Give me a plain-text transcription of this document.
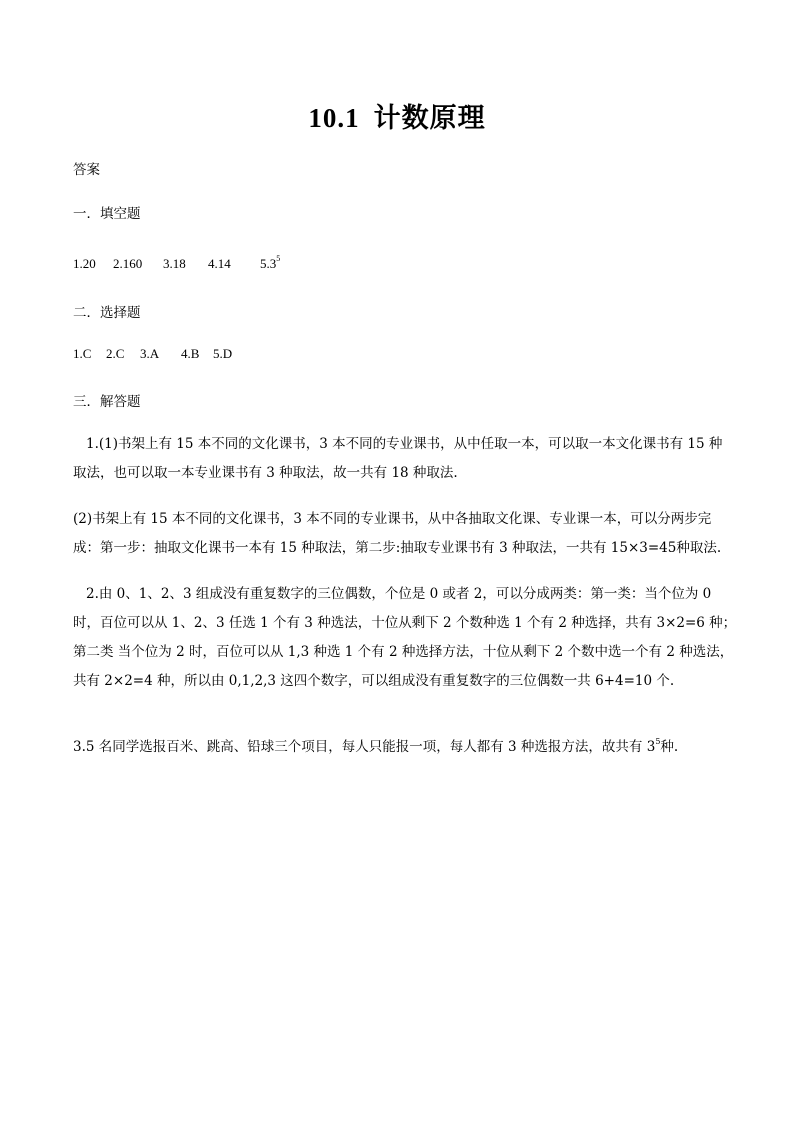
10.1 计数原理
答案
一．填空题
1.20 2.160 3.18 4.14 $5.3^5$
二．选择题
1.C 2.C 3.A 4.B 5.D
三．解答题
1.(1)书架上有 15 本不同的文化课书，3 本不同的专业课书，从中任取一本，可以取一本文化课书有 15 种
取法，也可以取一本专业课书有 3 种取法，故一共有 18 种取法.
(2)书架上有 15 本不同的文化课书，3 本不同的专业课书，从中各抽取文化课、专业课一本，可以分两步完
成：第一步：抽取文化课书一本有 15 种取法，第二步:抽取专业课书有 3 种取法，一共有 15×3=45种取法.
2.由 0、1、2、3 组成没有重复数字的三位偶数，个位是 0 或者 2，可以分成两类：第一类：当个位为 0
时，百位可以从 1、2、3 任选 1 个有 3 种选法，十位从剩下 2 个数种选 1 个有 2 种选择，共有 3×2=6 种；
第二类 当个位为 2 时，百位可以从 1,3 种选 1 个有 2 种选择方法，十位从剩下 2 个数中选一个有 2 种选法，
共有 2×2=4 种，所以由 0,1,2,3 这四个数字，可以组成没有重复数字的三位偶数一共 6+4=10 个.
3.5 名同学选报百米、跳高、铅球三个项目，每人只能报一项，每人都有 3 种选报方法，故共有 $3^5$种.
